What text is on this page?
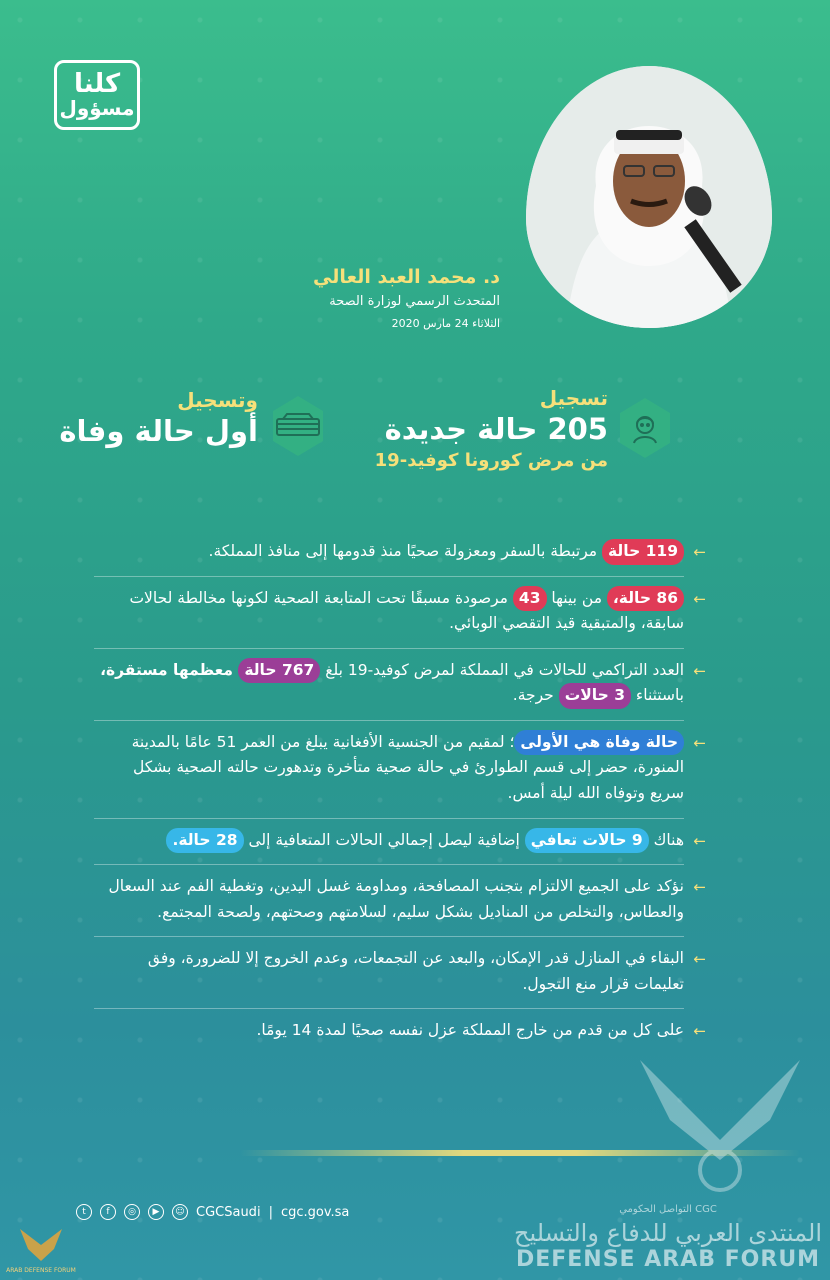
كلنا
مسؤول
د. محمد العبد العالي
المتحدث الرسمي لوزارة الصحة
الثلاثاء 24 مارس 2020
تسجيل
205 حالة جديدة
من مرض كورونا كوفيد-19
وتسجيل
أول حالة وفاة
←
119 حالة مرتبطة بالسفر ومعزولة صحيًا منذ قدومها إلى منافذ المملكة.
←
86 حالة، من بينها 43 مرصودة مسبقًا تحت المتابعة الصحية لكونها مخالطة لحالات سابقة، والمتبقية قيد التقصي الوبائي.
←
العدد التراكمي للحالات في المملكة لمرض كوفيد-19 بلغ 767 حالة معظمها مستقرة، باستثناء 3 حالات حرجة.
←
حالة وفاة هي الأولى؛ لمقيم من الجنسية الأفغانية يبلغ من العمر 51 عامًا بالمدينة المنورة، حضر إلى قسم الطوارئ في حالة صحية متأخرة وتدهورت حالته الصحية بشكل سريع وتوفاه الله ليلة أمس.
←
هناك 9 حالات تعافي إضافية ليصل إجمالي الحالات المتعافية إلى 28 حالة.
←
نؤكد على الجميع الالتزام بتجنب المصافحة، ومداومة غسل اليدين، وتغطية الفم عند السعال والعطاس، والتخلص من المناديل بشكل سليم، لسلامتهم وصحتهم، ولصحة المجتمع.
←
البقاء في المنازل قدر الإمكان، والبعد عن التجمعات، وعدم الخروج إلا للضرورة، وفق تعليمات قرار منع التجول.
←
على كل من قدم من خارج المملكة عزل نفسه صحيًا لمدة 14 يومًا.
t	f	◎	▶	☺ CGCSaudi | cgc.gov.sa	التواصل الحكومي CGC
المنتدى العربي للدفاع والتسليح
DEFENSE ARAB FORUM
ARAB DEFENSE FORUM
